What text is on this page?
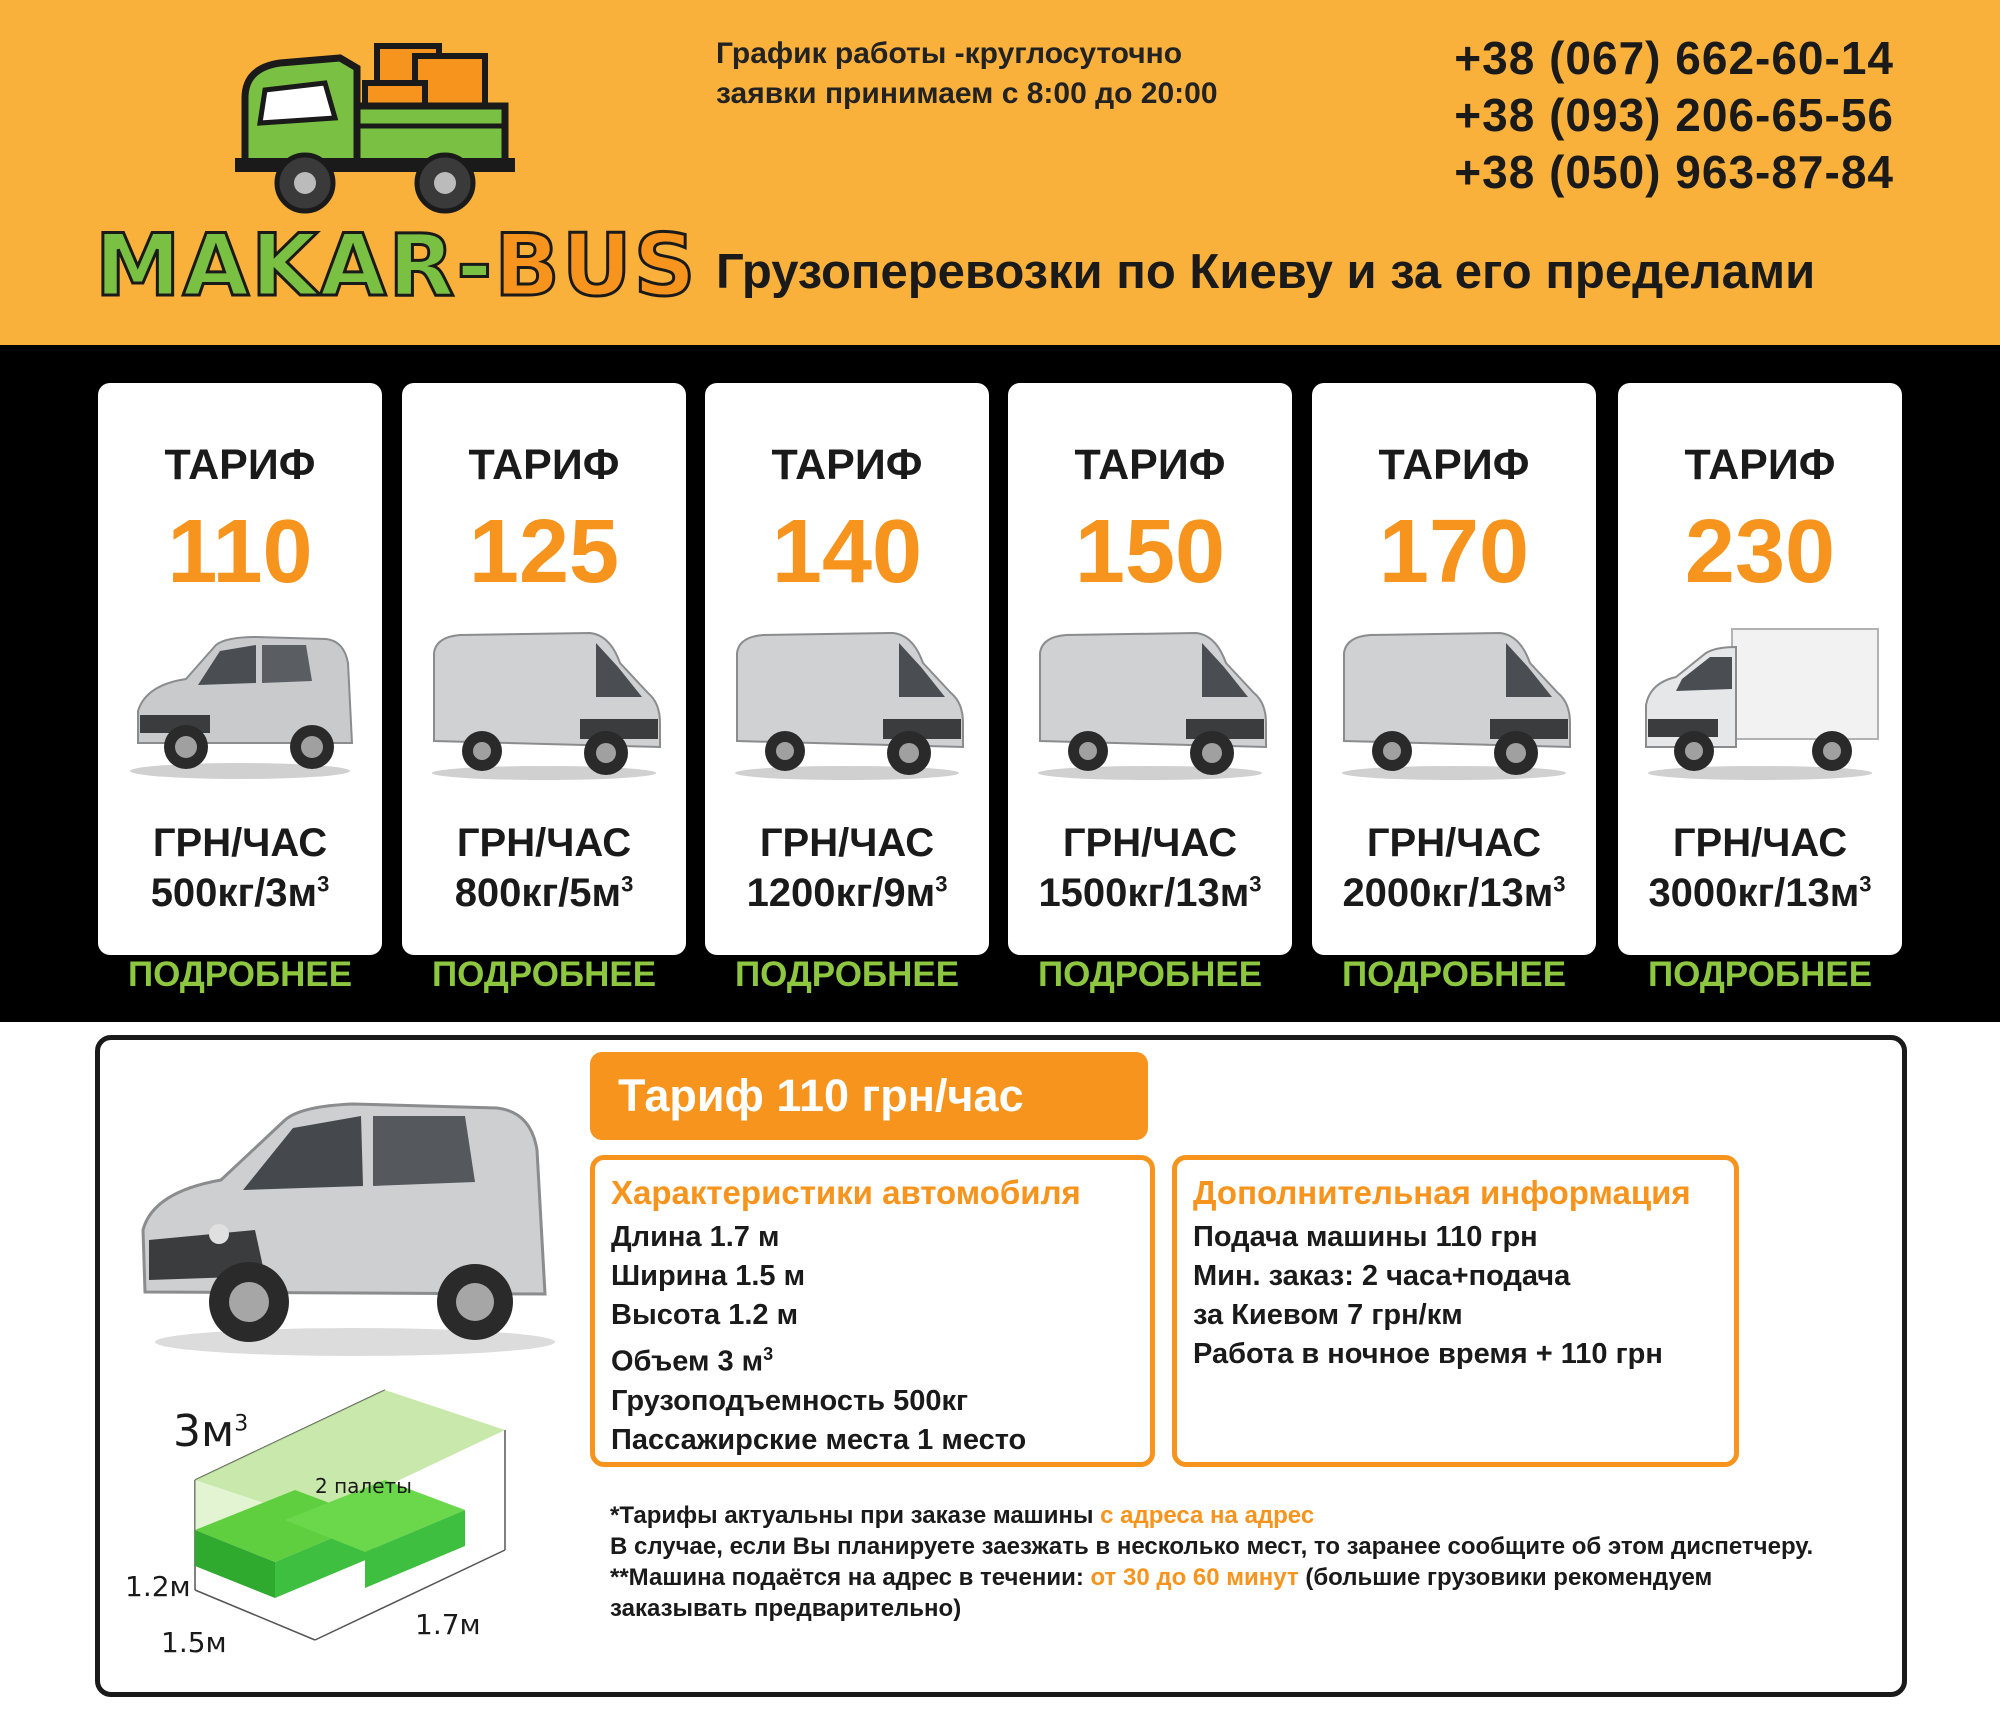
MAKAR-BUS
График работы -круглосуточно
заявки принимаем с 8:00 до 20:00
+38 (067) 662-60-14
+38 (093) 206-65-56
+38 (050) 963-87-84
Грузоперевозки по Киеву и за его пределами
ТАРИФ
110
ГРН/ЧАС
$500кг/3м^3$
ПОДРОБНЕЕ
ТАРИФ
125
ГРН/ЧАС
$800кг/5м^3$
ПОДРОБНЕЕ
ТАРИФ
140
ГРН/ЧАС
$1200кг/9м^3$
ПОДРОБНЕЕ
ТАРИФ
150
ГРН/ЧАС
$1500кг/13м^3$
ПОДРОБНЕЕ
ТАРИФ
170
ГРН/ЧАС
$2000кг/13м^3$
ПОДРОБНЕЕ
ТАРИФ
230
ГРН/ЧАС
$3000кг/13м^3$
ПОДРОБНЕЕ
$3м^3$
2 палеты
1.2м
1.5м
1.7м
Тариф 110 грн/час
Характеристики автомобиля
Длина 1.7 м
Ширина 1.5 м
Высота 1.2 м
Объем 3 $м^3$
Грузоподъемность 500кг
Пассажирские места 1 место
Дополнительная информация
Подача машины 110 грн
Мин. заказ: 2 часа+подача
за Киевом 7 грн/км
Работа в ночное время + 110 грн
*Тарифы актуальны при заказе машины с адреса на адрес
В случае, если Вы планируете заезжать в несколько мест, то заранее сообщите об этом диспетчеру.
**Машина подаётся на адрес в течении: от 30 до 60 минут (большие грузовики рекомендуем заказывать предварительно)
